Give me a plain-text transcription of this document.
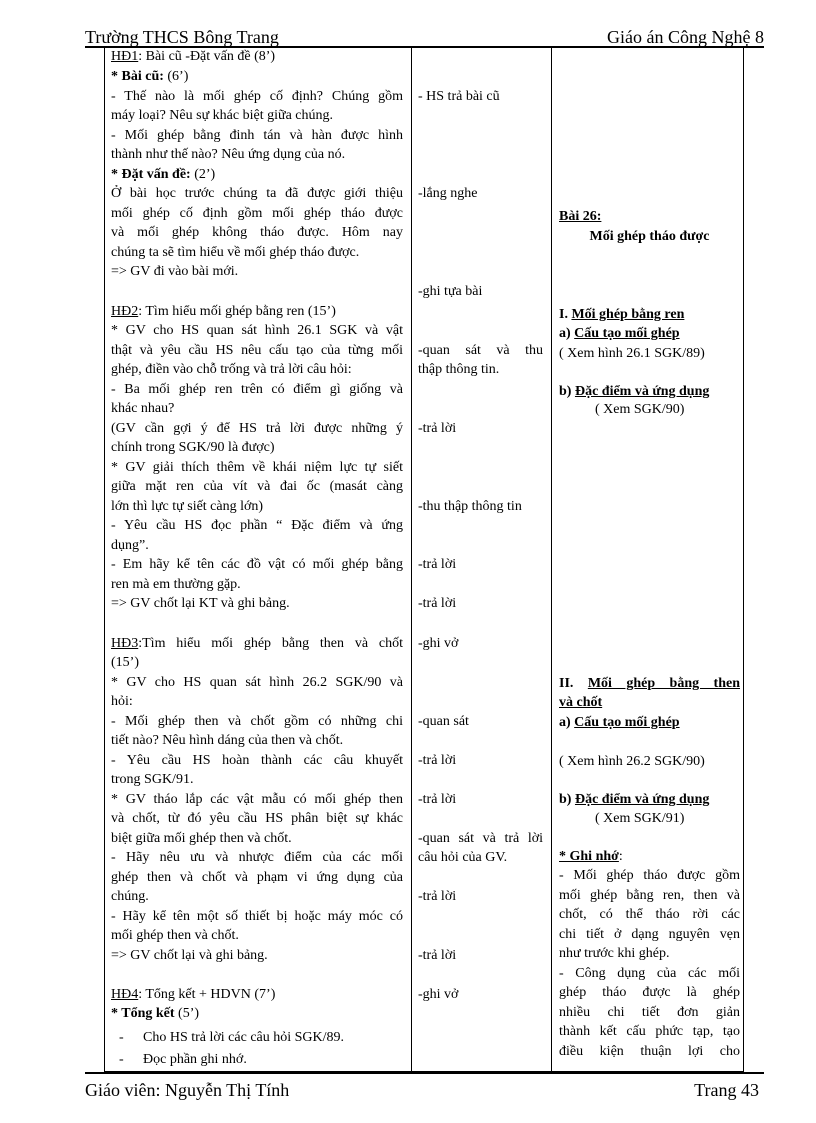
Trường THCS Bông Trang	Giáo án Công Nghệ 8
HĐ1: Bài cũ -Đặt vấn đề (8’)
* Bài cũ: (6’)
- Thế nào là mối ghép cố định? Chúng gồm
máy loại? Nêu sự khác biệt giữa chúng.
- Mối ghép bằng đinh tán và hàn được hình
thành như thế nào? Nêu ứng dụng của nó.
* Đặt vấn đề: (2’)
Ở bài học trước chúng ta đã được giới thiệu
mối ghép cố định gồm mối ghép tháo được
và mối ghép không tháo được. Hôm nay
chúng ta sẽ tìm hiểu về mối ghép tháo được.
=> GV đi vào bài mới.
HĐ2: Tìm hiểu mối ghép bằng ren (15’)
* GV cho HS quan sát hình 26.1 SGK và vật
thật và yêu cầu HS nêu cấu tạo của từng mối
ghép, điền vào chỗ trống và trả lời câu hỏi:
- Ba mối ghép ren trên có điểm gì giống và
khác nhau?
(GV cần gợi ý để HS trả lời được những ý
chính trong SGK/90 là được)
* GV giải thích thêm về khái niệm lực tự siết
giữa mặt ren của vít và đai ốc (masát càng
lớn thì lực tự siết càng lớn)
- Yêu cầu HS đọc phần “ Đặc điểm và ứng
dụng”.
- Em hãy kể tên các đồ vật có mối ghép bằng
ren mà em thường gặp.
=> GV chốt lại KT và ghi bảng.
HĐ3:Tìm hiểu mối ghép bằng then và chốt
(15’)
* GV cho HS quan sát hình 26.2 SGK/90 và
hỏi:
- Mối ghép then và chốt gồm có những chi
tiết nào? Nêu hình dáng của then và chốt.
- Yêu cầu HS hoàn thành các câu khuyết
trong SGK/91.
* GV tháo lắp các vật mẫu có mối ghép then
và chốt, từ đó yêu cầu HS phân biệt sự khác
biệt giữa mối ghép then và chốt.
- Hãy nêu ưu và nhược điểm của các mối
ghép then và chốt và phạm vi ứng dụng của
chúng.
- Hãy kể tên một số thiết bị hoặc máy móc có
mối ghép then và chốt.
=> GV chốt lại và ghi bảng.
HĐ4: Tổng kết + HDVN (7’)
* Tổng kết (5’)
- Cho HS trả lời các câu hỏi SGK/89.
- Đọc phần ghi nhớ.
- HS trả bài cũ
-lắng nghe
-ghi tựa bài
-quan sát và thu
thập thông tin.
-trả lời
-thu thập thông tin
-trả lời
-trả lời
-ghi vở
-quan sát
-trả lời
-trả lời
-quan sát và trả lời
câu hỏi của GV.
-trả lời
-trả lời
-ghi vở
Bài 26:
Mối ghép tháo được
I. Mối ghép bằng ren
a) Cấu tạo mối ghép
( Xem hình 26.1 SGK/89)
b) Đặc điểm và ứng dụng
( Xem SGK/90)
II. Mối ghép bằng then
và chốt
a) Cấu tạo mối ghép
( Xem hình 26.2 SGK/90)
b) Đặc điểm và ứng dụng
( Xem SGK/91)
* Ghi nhớ:
- Mối ghép tháo được gồm
mối ghép bằng ren, then và
chốt, có thể tháo rời các
chi tiết ở dạng nguyên vẹn
như trước khi ghép.
- Công dụng của các mối
ghép tháo được là ghép
nhiều chi tiết đơn giản
thành kết cấu phức tạp, tạo
điều kiện thuận lợi cho
Giáo viên: Nguyễn Thị Tính	Trang 43
